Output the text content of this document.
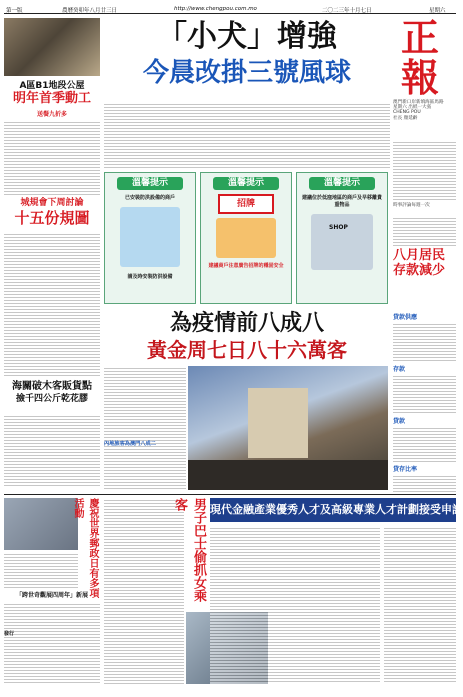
第一版	農曆癸卯年八月廿三日	http://www.chengpou.com.mo	二〇二三年十月七日	星期六
正
報
澳門新口岸新填海區馬路
星期六 出紙一大張
CHENG POU
社長 顏延齡
時事評論每週一次
A區B1地段公屋
明年首季動工
送餐九折多
城規會下周討論
十五份規圖
海關破木客販貨點
撿千四公斤乾花膠
「小犬」增強
今晨改掛三號風球
溫馨提示
已安裝防洪設備的商戶
請及時安裝防洪設備
溫馨提示
招牌
建議商戶注意廣告招牌的穩固安全
溫馨提示
建議位於低窪地區的商戶及早移離貴重物品
SHOP
為疫情前八成八
黃金周七日八十六萬客
內地旅客為澳門八成二
八月居民存款減少
貸款供應
存款
貸款
貸存比率
慶祝世界郵政日有多項活動
「跨世奇觀展四周年」新展
發行
男子巴士偷抓女乘客	現代金融產業優秀人才及高級專業人才計劃接受申請
